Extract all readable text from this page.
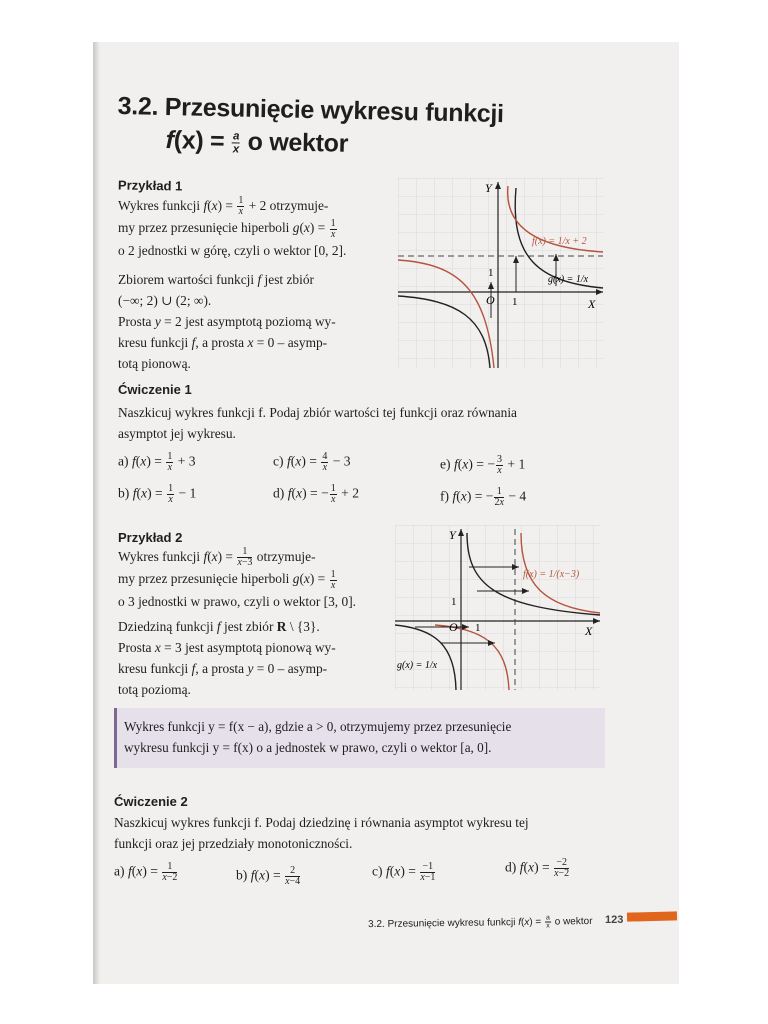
3.2. Przesunięcie wykresu funkcji
$f(x) = \frac{a}{x}$ o wektor
Przykład 1
Wykres funkcji $f(x) = \frac{1}{x} + 2$ otrzymuje-
my przez przesunięcie hiperboli $g(x) = \frac{1}{x}$
o 2 jednostki w górę, czyli o wektor [0, 2].
Zbiorem wartości funkcji f jest zbiór
(−∞; 2) ∪ (2; ∞).
Prosta y = 2 jest asymptotą poziomą wy-
kresu funkcji f, a prosta x = 0 – asymp-
totą pionową.
Y
X
O 1
1
f(x) = 1/x + 2
g(x) = 1/x
Ćwiczenie 1
Naszkicuj wykres funkcji f. Podaj zbiór wartości tej funkcji oraz równania
asymptot jej wykresu.
a) $f(x) = \frac{1}{x} + 3$
b) $f(x) = \frac{1}{x} - 1$
c) $f(x) = \frac{4}{x} - 3$
d) f(x) = − $\frac{1}{x} + 2$
e) f(x) = − $\frac{3}{x} + 1$
f) f(x) = − $\frac{1}{2x} - 4$
Przykład 2
Wykres funkcji $f(x) = \frac{1}{x-3}$ otrzymuje-
my przez przesunięcie hiperboli $g(x) = \frac{1}{x}$
o 3 jednostki w prawo, czyli o wektor [3, 0].
Dziedziną funkcji f jest zbiór R \ {3}.
Prosta x = 3 jest asymptotą pionową wy-
kresu funkcji f, a prosta y = 0 – asymp-
totą poziomą.
Y
X
O 1
1
f(x) = 1/(x−3)
g(x) = 1/x
Wykres funkcji y = f(x − a), gdzie a > 0, otrzymujemy przez przesunięcie
wykresu funkcji y = f(x) o a jednostek w prawo, czyli o wektor [a, 0].
Ćwiczenie 2
Naszkicuj wykres funkcji f. Podaj dziedzinę i równania asymptot wykresu tej
funkcji oraz jej przedziały monotoniczności.
a) $f(x) = \frac{1}{x-2}$	b) $f(x) = \frac{2}{x-4}$	c) $f(x) = \frac{-1}{x-1}$	d) $f(x) = \frac{-2}{x-2}$
3.2. Przesunięcie wykresu funkcji $f(x) = \frac{a}{x}$ o wektor 123
